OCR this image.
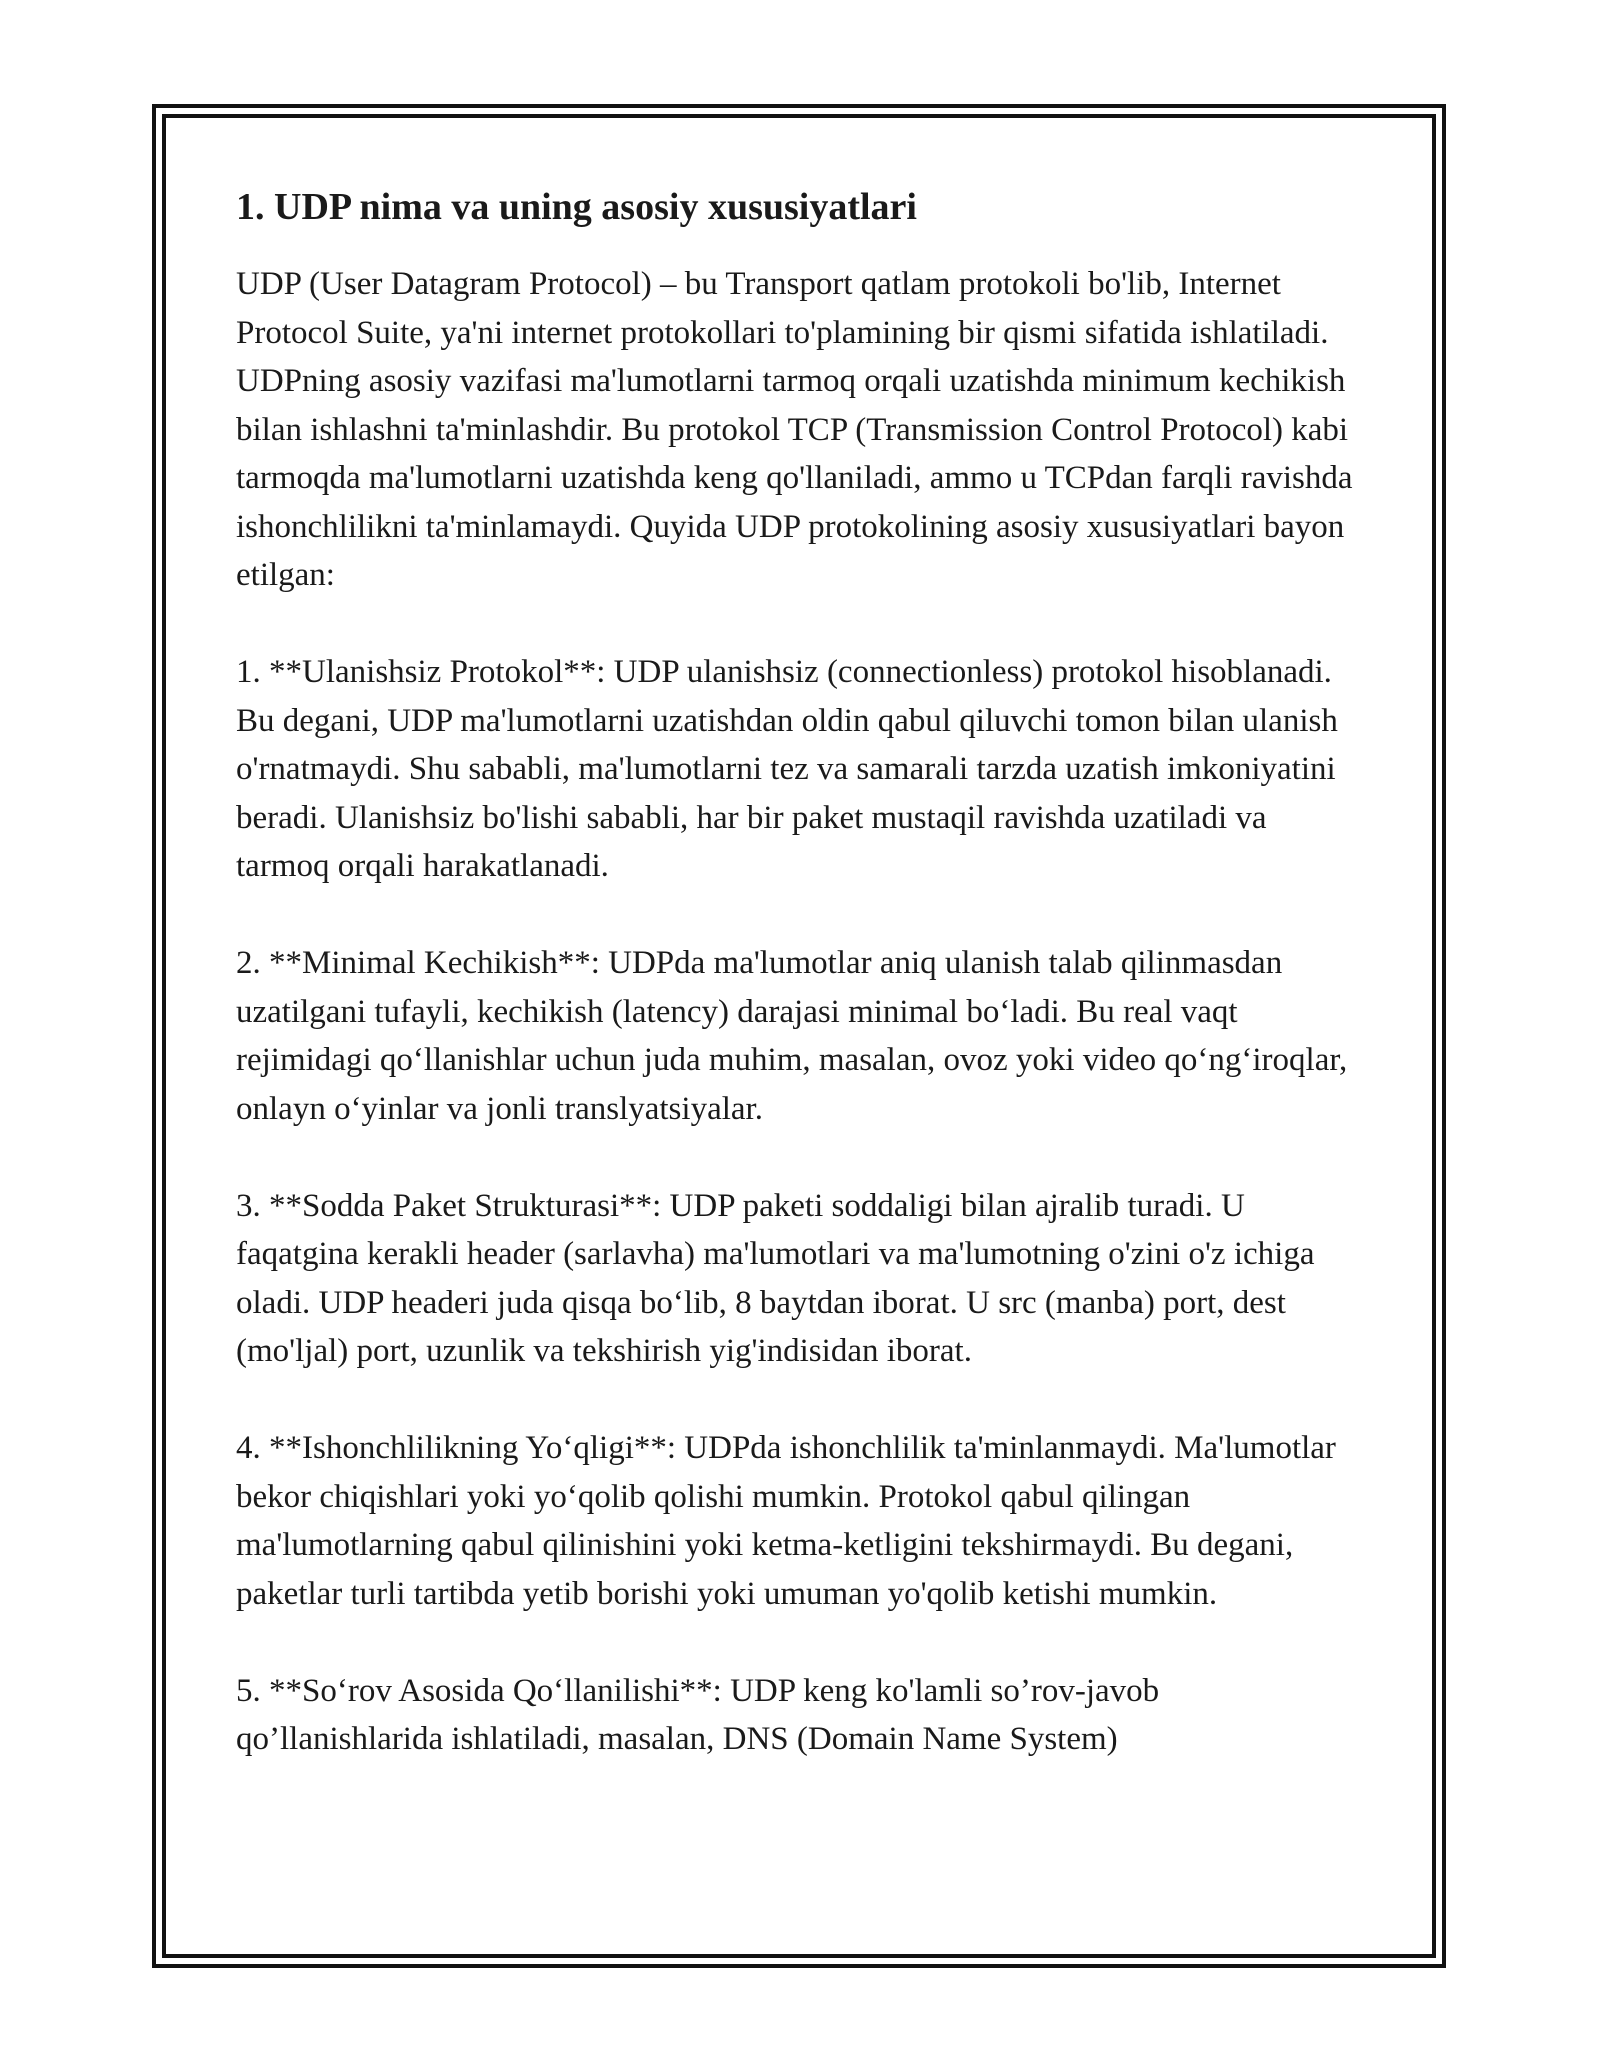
1. UDP nima va uning asosiy xususiyatlari

UDP (User Datagram Protocol) – bu Transport qatlam protokoli bo'lib, Internet Protocol Suite, ya'ni internet protokollari to'plamining bir qismi sifatida ishlatiladi. UDPning asosiy vazifasi ma'lumotlarni tarmoq orqali uzatishda minimum kechikish bilan ishlashni ta'minlashdir. Bu protokol TCP (Transmission Control Protocol) kabi tarmoqda ma'lumotlarni uzatishda keng qo'llaniladi, ammo u TCPdan farqli ravishda ishonchlilikni ta'minlamaydi. Quyida UDP protokolining asosiy xususiyatlari bayon etilgan:

1. **Ulanishsiz Protokol**: UDP ulanishsiz (connectionless) protokol hisoblanadi. Bu degani, UDP ma'lumotlarni uzatishdan oldin qabul qiluvchi tomon bilan ulanish o'rnatmaydi. Shu sababli, ma'lumotlarni tez va samarali tarzda uzatish imkoniyatini beradi. Ulanishsiz bo'lishi sababli, har bir paket mustaqil ravishda uzatiladi va tarmoq orqali harakatlanadi.

2. **Minimal Kechikish**: UDPda ma'lumotlar aniq ulanish talab qilinmasdan uzatilgani tufayli, kechikish (latency) darajasi minimal bo‘ladi. Bu real vaqt rejimidagi qo‘llanishlar uchun juda muhim, masalan, ovoz yoki video qo‘ng‘iroqlar, onlayn o‘yinlar va jonli translyatsiyalar.

3. **Sodda Paket Strukturasi**: UDP paketi soddaligi bilan ajralib turadi. U faqatgina kerakli header (sarlavha) ma'lumotlari va ma'lumotning o'zini o'z ichiga oladi. UDP headeri juda qisqa bo‘lib, 8 baytdan iborat. U src (manba) port, dest (mo'ljal) port, uzunlik va tekshirish yig'indisidan iborat.

4. **Ishonchlilikning Yo‘qligi**: UDPda ishonchlilik ta'minlanmaydi. Ma'lumotlar bekor chiqishlari yoki yo‘qolib qolishi mumkin. Protokol qabul qilingan ma'lumotlarning qabul qilinishini yoki ketma-ketligini tekshirmaydi. Bu degani, paketlar turli tartibda yetib borishi yoki umuman yo'qolib ketishi mumkin.

5. **So‘rov Asosida Qo‘llanilishi**: UDP keng ko'lamli so’rov-javob qo’llanishlarida ishlatiladi, masalan, DNS (Domain Name System)
